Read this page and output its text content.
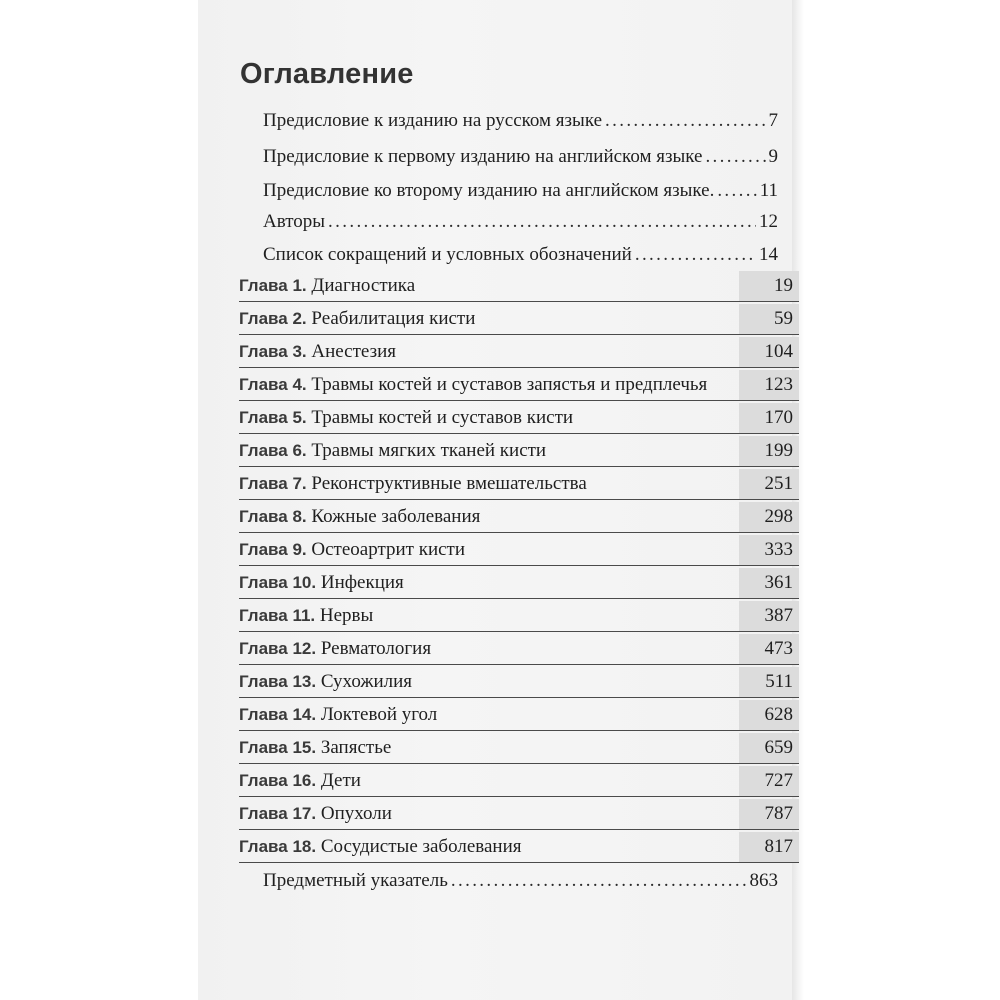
Оглавление
Предисловие к изданию на русском языке . . .	7
Предисловие к первому изданию на английском языке . . .	9
Предисловие ко второму изданию на английском языке. . . . 11
Авторы . . .	12
Список сокращений и условных обозначений . . .	14
Глава 1. Диагностика	19
Глава 2. Реабилитация кисти	59
Глава 3. Анестезия	104
Глава 4. Травмы костей и суставов запястья и предплечья	123
Глава 5. Травмы костей и суставов кисти	170
Глава 6. Травмы мягких тканей кисти	199
Глава 7. Реконструктивные вмешательства	251
Глава 8. Кожные заболевания	298
Глава 9. Остеоартрит кисти	333
Глава 10. Инфекция	361
Глава 11. Нервы	387
Глава 12. Ревматология	473
Глава 13. Сухожилия	511
Глава 14. Локтевой угол	628
Глава 15. Запястье	659
Глава 16. Дети	727
Глава 17. Опухоли	787
Глава 18. Сосудистые заболевания	817
Предметный указатель . . .	863
